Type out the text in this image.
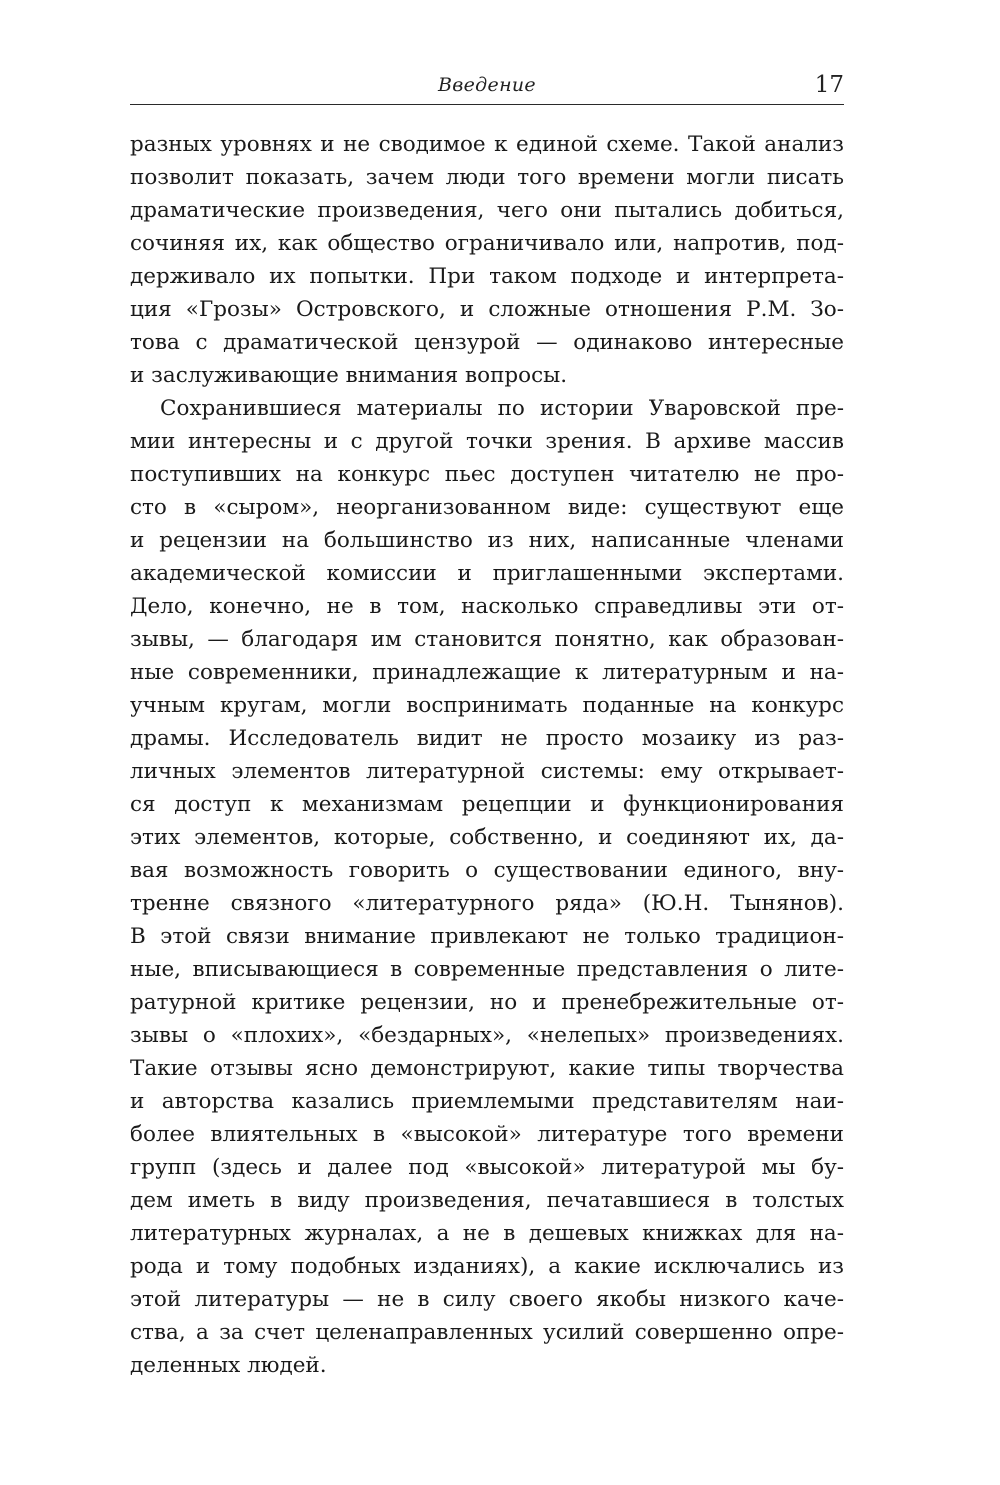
Введение	17
разных уровнях и не сводимое к единой схеме. Такой анализ
позволит показать, зачем люди того времени могли писать
драматические произведения, чего они пытались добиться,
сочиняя их, как общество ограничивало или, напротив, под-
держивало их попытки. При таком подходе и интерпрета-
ция «Грозы» Островского, и сложные отношения Р.М. Зо-
това с драматической цензурой — одинаково интересные
и заслуживающие внимания вопросы.
Сохранившиеся материалы по истории Уваровской пре-
мии интересны и с другой точки зрения. В архиве массив
поступивших на конкурс пьес доступен читателю не про-
сто в «сыром», неорганизованном виде: существуют еще
и рецензии на большинство из них, написанные членами
академической комиссии и приглашенными экспертами.
Дело, конечно, не в том, насколько справедливы эти от-
зывы, — благодаря им становится понятно, как образован-
ные современники, принадлежащие к литературным и на-
учным кругам, могли воспринимать поданные на конкурс
драмы. Исследователь видит не просто мозаику из раз-
личных элементов литературной системы: ему открывает-
ся доступ к механизмам рецепции и функционирования
этих элементов, которые, собственно, и соединяют их, да-
вая возможность говорить о существовании единого, вну-
тренне связного «литературного ряда» (Ю.Н. Тынянов).
В этой связи внимание привлекают не только традицион-
ные, вписывающиеся в современные представления о лите-
ратурной критике рецензии, но и пренебрежительные от-
зывы о «плохих», «бездарных», «нелепых» произведениях.
Такие отзывы ясно демонстрируют, какие типы творчества
и авторства казались приемлемыми представителям наи-
более влиятельных в «высокой» литературе того времени
групп (здесь и далее под «высокой» литературой мы бу-
дем иметь в виду произведения, печатавшиеся в толстых
литературных журналах, а не в дешевых книжках для на-
рода и тому подобных изданиях), а какие исключались из
этой литературы — не в силу своего якобы низкого каче-
ства, а за счет целенаправленных усилий совершенно опре-
деленных людей.
